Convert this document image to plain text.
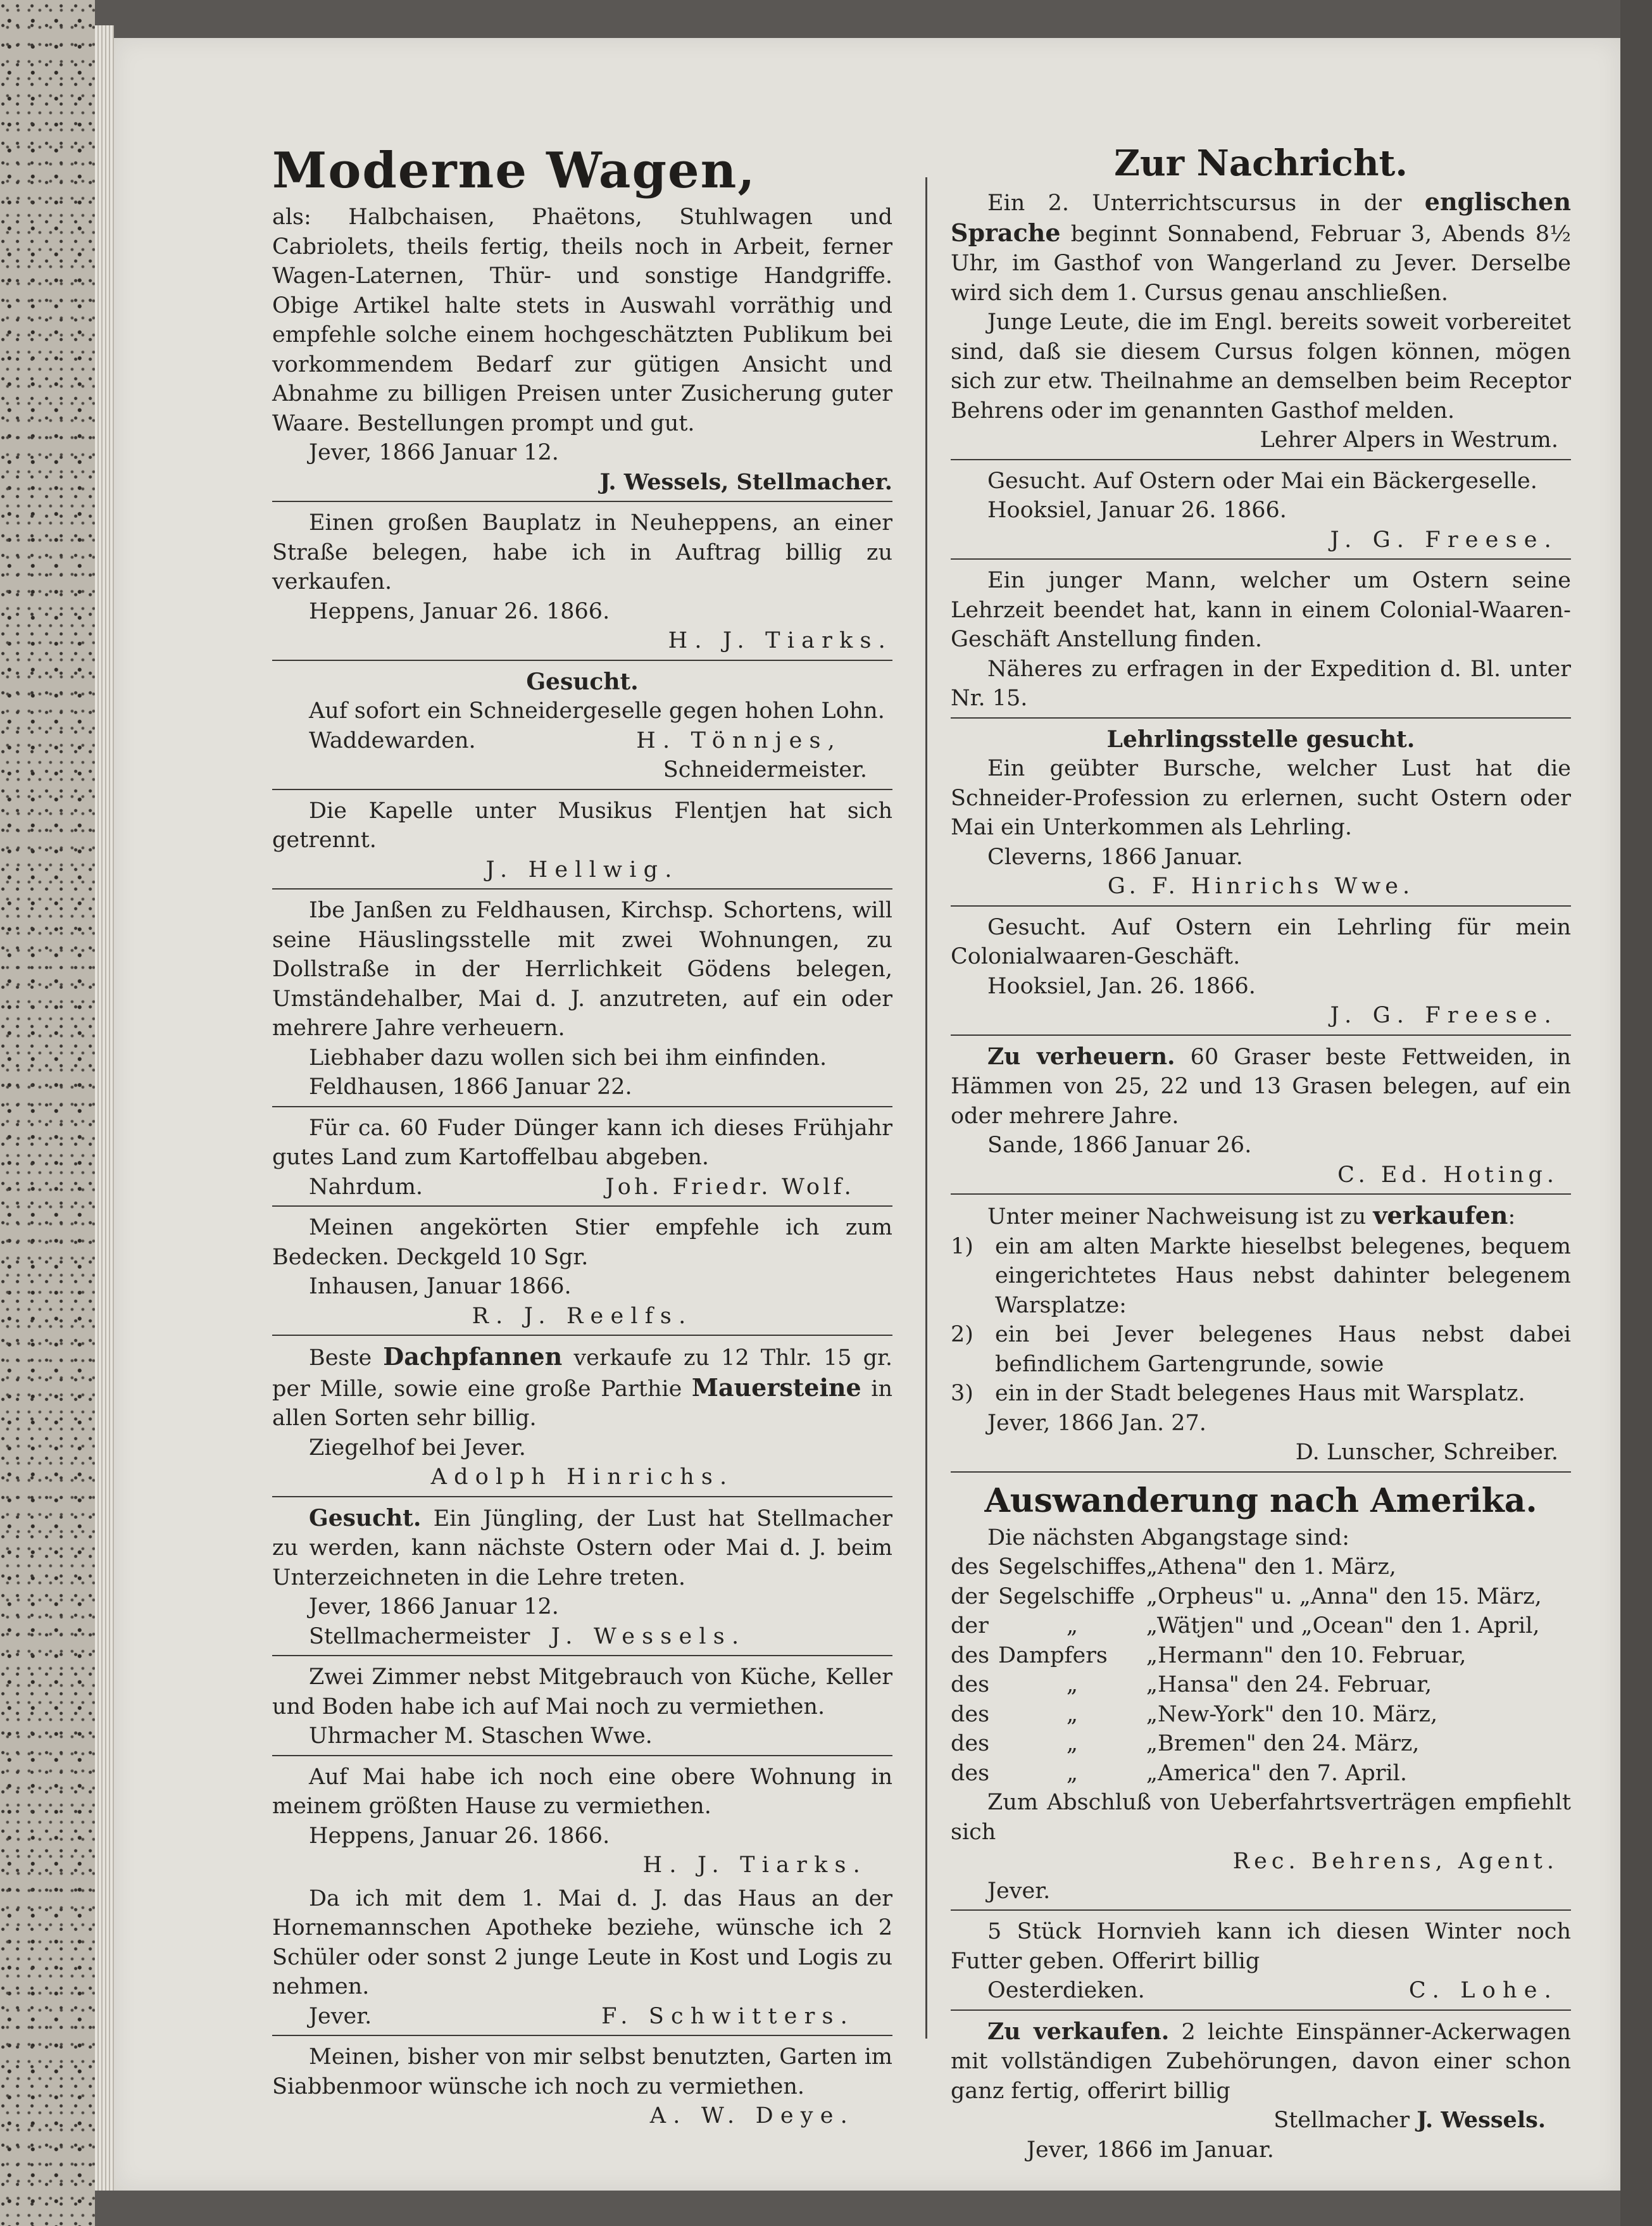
Moderne Wagen,

als: Halbchaisen, Phaëtons, Stuhlwagen und Cabriolets, theils fertig, theils noch in Arbeit, ferner Wagen-Laternen, Thür- und sonstige Handgriffe. Obige Artikel halte stets in Auswahl vorräthig und empfehle solche einem hochgeschätzten Publikum bei vorkommendem Bedarf zur gütigen Ansicht und Abnahme zu billigen Preisen unter Zusicherung guter Waare. Bestellungen prompt und gut.

Jever, 1866 Januar 12.

J. Wessels, Stellmacher.

Einen großen Bauplatz in Neuheppens, an einer Straße belegen, habe ich in Auftrag billig zu verkaufen.

Heppens, Januar 26. 1866.

H. J. Tiarks.

Gesucht.

Auf sofort ein Schneidergeselle gegen hohen Lohn.

Waddewarden.	H. Tönnjes,

Schneidermeister.

Die Kapelle unter Musikus Flentjen hat sich getrennt.

J. Hellwig.

Ibe Janßen zu Feldhausen, Kirchsp. Schortens, will seine Häuslingsstelle mit zwei Wohnungen, zu Dollstraße in der Herrlichkeit Gödens belegen, Umständehalber, Mai d. J. anzutreten, auf ein oder mehrere Jahre verheuern.

Liebhaber dazu wollen sich bei ihm einfinden.

Feldhausen, 1866 Januar 22.

Für ca. 60 Fuder Dünger kann ich dieses Frühjahr gutes Land zum Kartoffelbau abgeben.

Nahrdum.	Joh. Friedr. Wolf.

Meinen angekörten Stier empfehle ich zum Bedecken. Deckgeld 10 Sgr.

Inhausen, Januar 1866.

R. J. Reelfs.

Beste Dachpfannen verkaufe zu 12 Thlr. 15 gr. per Mille, sowie eine große Parthie Mauersteine in allen Sorten sehr billig.

Ziegelhof bei Jever.

Adolph Hinrichs.

Gesucht. Ein Jüngling, der Lust hat Stellmacher zu werden, kann nächste Ostern oder Mai d. J. beim Unterzeichneten in die Lehre treten.

Jever, 1866 Januar 12.

Stellmachermeister J. Wessels.

Zwei Zimmer nebst Mitgebrauch von Küche, Keller und Boden habe ich auf Mai noch zu vermiethen.

Uhrmacher M. Staschen Wwe.

Auf Mai habe ich noch eine obere Wohnung in meinem größten Hause zu vermiethen.

Heppens, Januar 26. 1866.

H. J. Tiarks.

Da ich mit dem 1. Mai d. J. das Haus an der Hornemannschen Apotheke beziehe, wünsche ich 2 Schüler oder sonst 2 junge Leute in Kost und Logis zu nehmen.

Jever.	F. Schwitters.

Meinen, bisher von mir selbst benutzten, Garten im Siabbenmoor wünsche ich noch zu vermiethen.

A. W. Deye.

Zur Nachricht.

Ein 2. Unterrichtscursus in der englischen Sprache beginnt Sonnabend, Februar 3, Abends 8½ Uhr, im Gasthof von Wangerland zu Jever. Derselbe wird sich dem 1. Cursus genau anschließen.

Junge Leute, die im Engl. bereits soweit vorbereitet sind, daß sie diesem Cursus folgen können, mögen sich zur etw. Theilnahme an demselben beim Receptor Behrens oder im genannten Gasthof melden.

Lehrer Alpers in Westrum.

Gesucht. Auf Ostern oder Mai ein Bäckergeselle.

Hooksiel, Januar 26. 1866.

J. G. Freese.

Ein junger Mann, welcher um Ostern seine Lehrzeit beendet hat, kann in einem Colonial-Waaren-Geschäft Anstellung finden.

Näheres zu erfragen in der Expedition d. Bl. unter Nr. 15.

Lehrlingsstelle gesucht.

Ein geübter Bursche, welcher Lust hat die Schneider-Profession zu erlernen, sucht Ostern oder Mai ein Unterkommen als Lehrling.

Cleverns, 1866 Januar.

G. F. Hinrichs Wwe.

Gesucht. Auf Ostern ein Lehrling für mein Colonialwaaren-Geschäft.

Hooksiel, Jan. 26. 1866.

J. G. Freese.

Zu verheuern. 60 Graser beste Fettweiden, in Hämmen von 25, 22 und 13 Grasen belegen, auf ein oder mehrere Jahre.

Sande, 1866 Januar 26.

C. Ed. Hoting.

Unter meiner Nachweisung ist zu verkaufen:

1) ein am alten Markte hieselbst belegenes, bequem eingerichtetes Haus nebst dahinter belegenem Warsplatze:
2) ein bei Jever belegenes Haus nebst dabei befindlichem Gartengrunde, sowie
3) ein in der Stadt belegenes Haus mit Warsplatz.

Jever, 1866 Jan. 27.

D. Lunscher, Schreiber.

Auswanderung nach Amerika.

Die nächsten Abgangstage sind:

des	Segelschiffes	„Athena" den 1. März,
der	Segelschiffe	„Orpheus" u. „Anna" den 15. März,
der	„	„Wätjen" und „Ocean" den 1. April,
des	Dampfers	„Hermann" den 10. Februar,
des	„	„Hansa" den 24. Februar,
des	„	„New-York" den 10. März,
des	„	„Bremen" den 24. März,
des	„	„America" den 7. April.

Zum Abschluß von Ueberfahrtsverträgen empfiehlt sich

Rec. Behrens, Agent.

Jever.

5 Stück Hornvieh kann ich diesen Winter noch Futter geben. Offerirt billig

Oesterdieken.	C. Lohe.

Zu verkaufen. 2 leichte Einspänner-Ackerwagen mit vollständigen Zubehörungen, davon einer schon ganz fertig, offerirt billig

Stellmacher J. Wessels.

Jever, 1866 im Januar.
